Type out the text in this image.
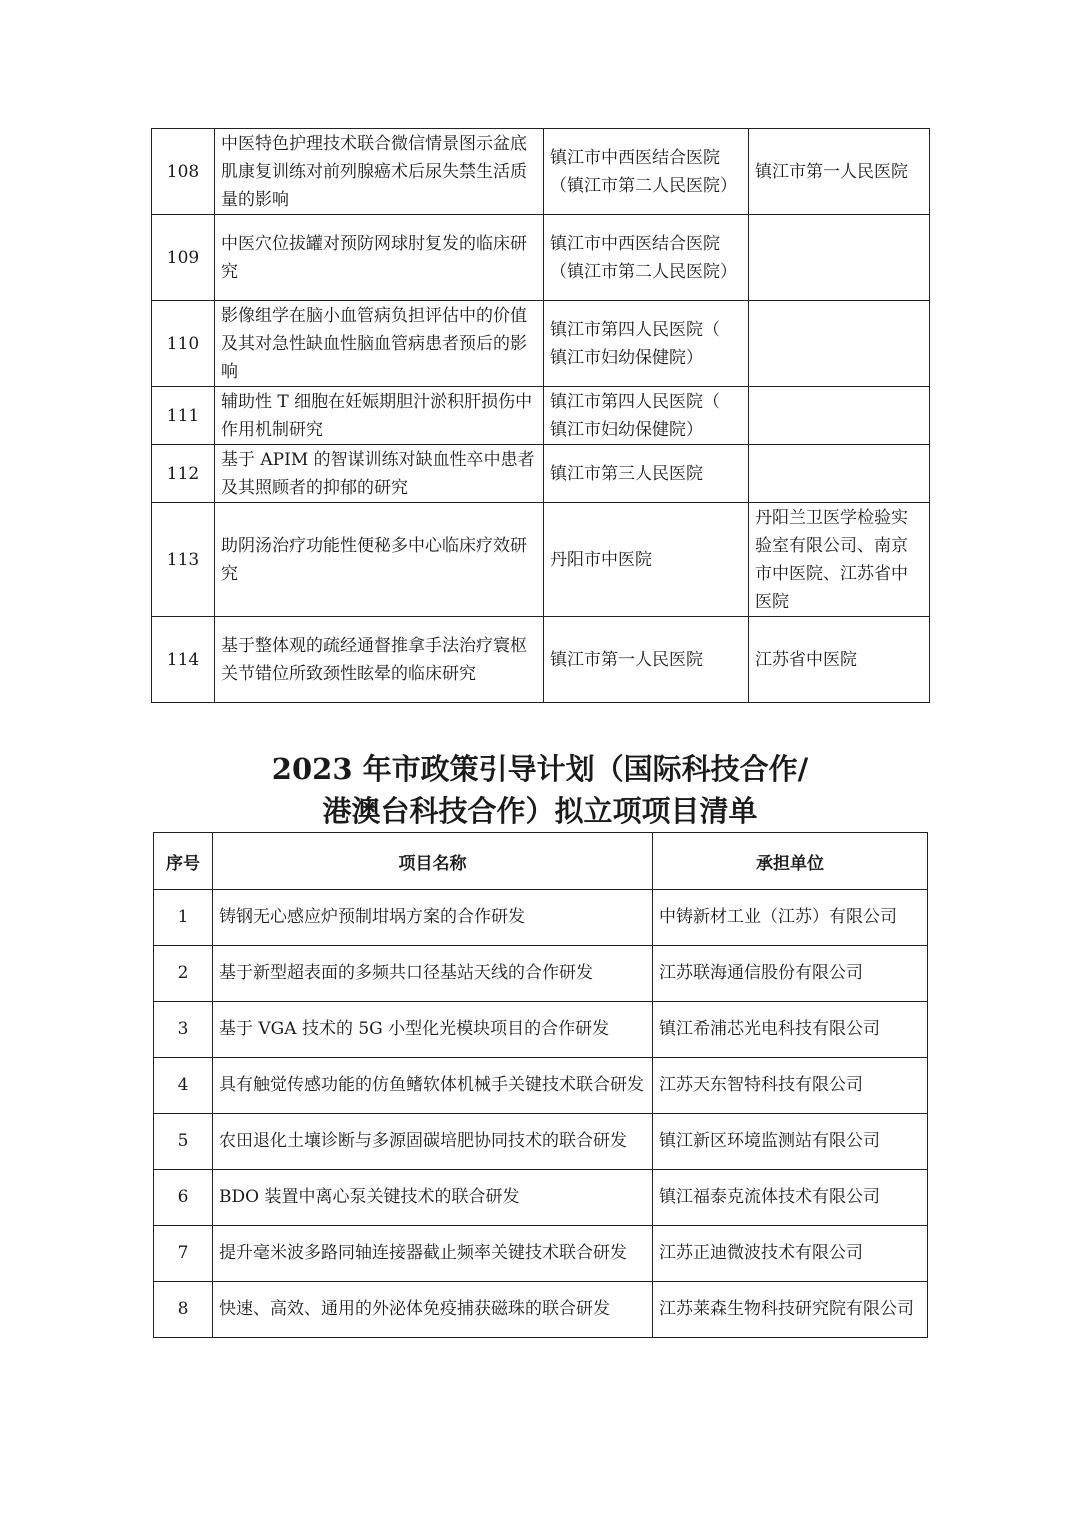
108	中医特色护理技术联合微信情景图示盆底肌康复训练对前列腺癌术后尿失禁生活质量的影响	镇江市中西医结合医院（镇江市第二人民医院）	镇江市第一人民医院
109	中医穴位拔罐对预防网球肘复发的临床研究	镇江市中西医结合医院（镇江市第二人民医院）	
110	影像组学在脑小血管病负担评估中的价值及其对急性缺血性脑血管病患者预后的影响	镇江市第四人民医院（ 镇江市妇幼保健院）	
111	辅助性 T 细胞在妊娠期胆汁淤积肝损伤中作用机制研究	镇江市第四人民医院（ 镇江市妇幼保健院）	
112	基于 APIM 的智谋训练对缺血性卒中患者及其照顾者的抑郁的研究	镇江市第三人民医院	
113	助阴汤治疗功能性便秘多中心临床疗效研究	丹阳市中医院	丹阳兰卫医学检验实验室有限公司、南京市中医院、江苏省中医院
114	基于整体观的疏经通督推拿手法治疗寰枢关节错位所致颈性眩晕的临床研究	镇江市第一人民医院	江苏省中医院
2023 年市政策引导计划（国际科技合作/
港澳台科技合作）拟立项项目清单
序号	项目名称	承担单位
1	铸钢无心感应炉预制坩埚方案的合作研发	中铸新材工业（江苏）有限公司
2	基于新型超表面的多频共口径基站天线的合作研发	江苏联海通信股份有限公司
3	基于 VGA 技术的 5G 小型化光模块项目的合作研发	镇江希浦芯光电科技有限公司
4	具有触觉传感功能的仿鱼鳍软体机械手关键技术联合研发	江苏天东智特科技有限公司
5	农田退化土壤诊断与多源固碳培肥协同技术的联合研发	镇江新区环境监测站有限公司
6	BDO 装置中离心泵关键技术的联合研发	镇江福泰克流体技术有限公司
7	提升毫米波多路同轴连接器截止频率关键技术联合研发	江苏正迪微波技术有限公司
8	快速、高效、通用的外泌体免疫捕获磁珠的联合研发	江苏莱森生物科技研究院有限公司
